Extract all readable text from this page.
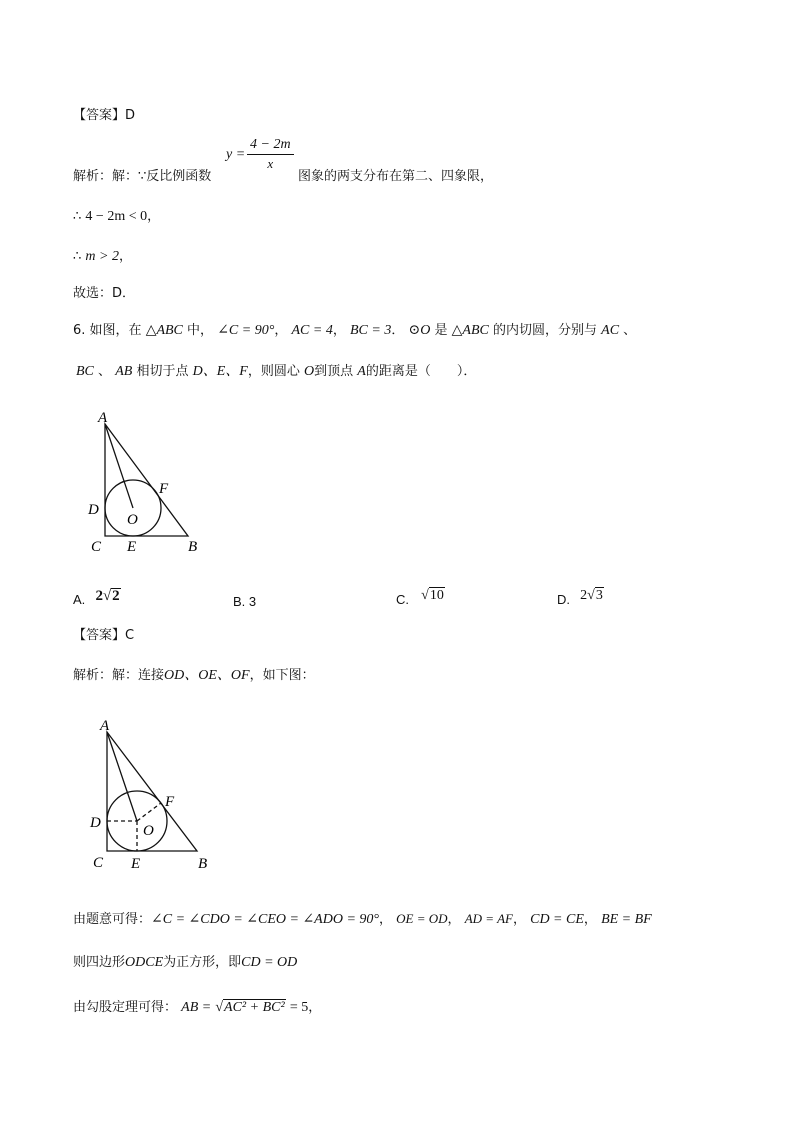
【答案】D
解析：解：∵反比例函数
$y = \frac{4 - 2m}{x}$
图象的两支分布在第二、四象限，
∴ 4 − 2m < 0，
∴ m > 2，
故选：D．
6. 如图，在 △ABC 中， ∠C = 90°， AC = 4， BC = 3． ⊙O 是 △ABC 的内切圆，分别与 AC 、
BC 、 AB 相切于点 D、E、F，则圆心 O到顶点 A的距离是（　　）．
A
D
F
O
C E	B
A. 2√2	B. 3	C. √10	D. 2√3
【答案】C
解析：解：连接OD、OE、OF，如下图：
A
D
F
O
C E	B
由题意可得：∠C = ∠CDO = ∠CEO = ∠ADO = 90°， OE = OD， AD = AF， CD = CE， BE = BF
则四边形ODCE为正方形，即CD = OD
由勾股定理可得： AB = √AC² + BC² = 5，
